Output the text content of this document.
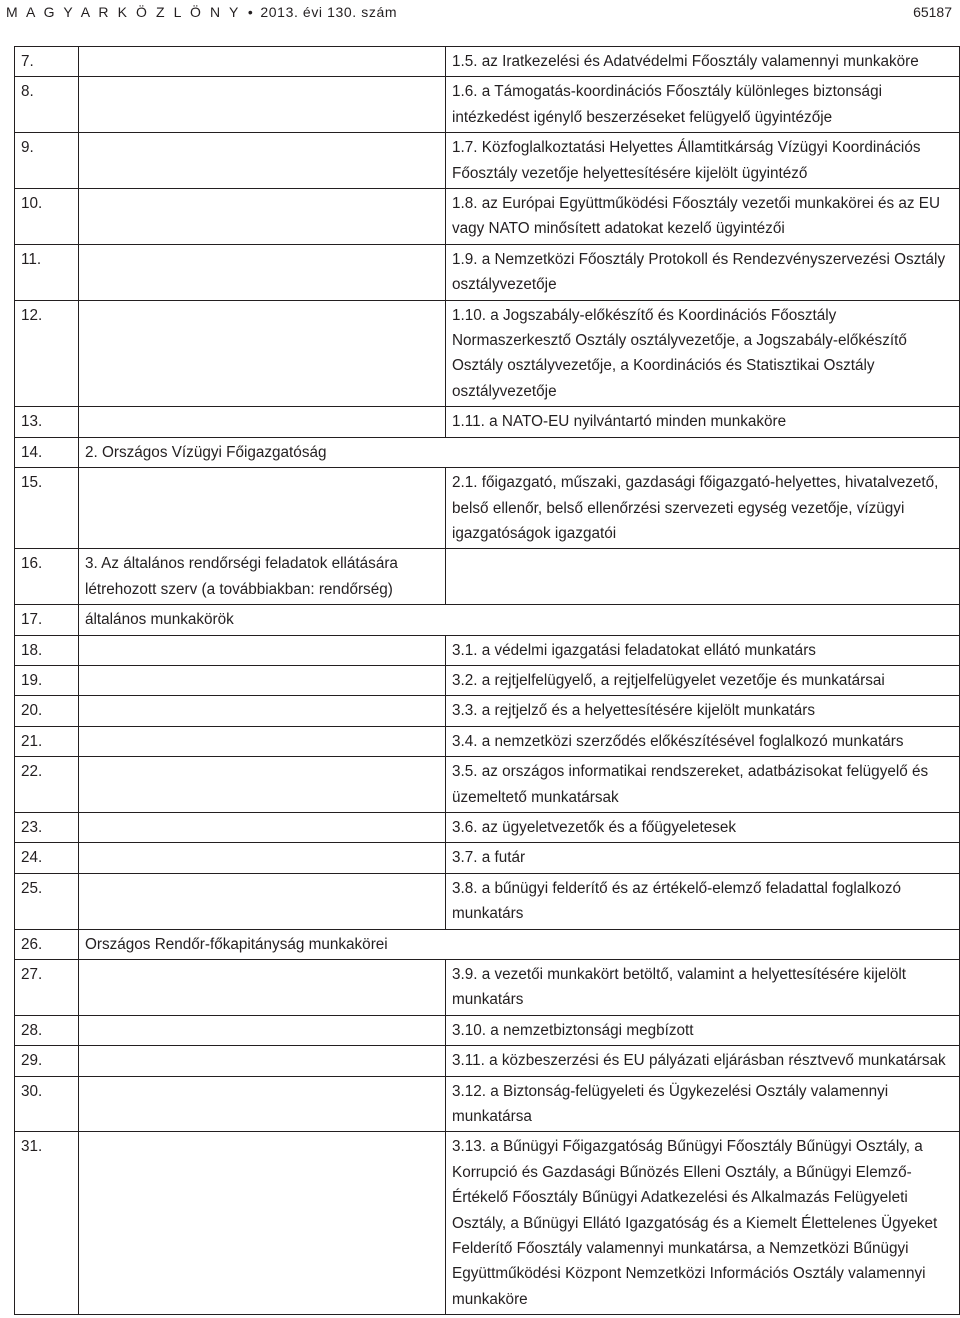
M A G Y A R K Ö Z L Ö N Y • 2013. évi 130. szám	65187
7.		1.5. az Iratkezelési és Adatvédelmi Főosztály valamennyi munkaköre
8.		1.6. a Támogatás-koordinációs Főosztály különleges biztonsági intézkedést igénylő beszerzéseket felügyelő ügyintézője
9.		1.7. Közfoglalkoztatási Helyettes Államtitkárság Vízügyi Koordinációs Főosztály vezetője helyettesítésére kijelölt ügyintéző
10.		1.8. az Európai Együttműködési Főosztály vezetői munkakörei és az EU vagy NATO minősített adatokat kezelő ügyintézői
11.		1.9. a Nemzetközi Főosztály Protokoll és Rendezvényszervezési Osztály osztályvezetője
12.		1.10. a Jogszabály-előkészítő és Koordinációs Főosztály Normaszerkesztő Osztály osztályvezetője, a Jogszabály-előkészítő Osztály osztályvezetője, a Koordinációs és Statisztikai Osztály osztályvezetője
13.		1.11. a NATO-EU nyilvántartó minden munkaköre
14.	2. Országos Vízügyi Főigazgatóság	
15.		2.1. főigazgató, műszaki, gazdasági főigazgató-helyettes, hivatalvezető, belső ellenőr, belső ellenőrzési szervezeti egység vezetője, vízügyi igazgatóságok igazgatói
16.	3. Az általános rendőrségi feladatok ellátására létrehozott szerv (a továbbiakban: rendőrség)	
17.	általános munkakörök	
18.		3.1. a védelmi igazgatási feladatokat ellátó munkatárs
19.		3.2. a rejtjelfelügyelő, a rejtjelfelügyelet vezetője és munkatársai
20.		3.3. a rejtjelző és a helyettesítésére kijelölt munkatárs
21.		3.4. a nemzetközi szerződés előkészítésével foglalkozó munkatárs
22.		3.5. az országos informatikai rendszereket, adatbázisokat felügyelő és üzemeltető munkatársak
23.		3.6. az ügyeletvezetők és a főügyeletesek
24.		3.7. a futár
25.		3.8. a bűnügyi felderítő és az értékelő-elemző feladattal foglalkozó munkatárs
26.	Országos Rendőr-főkapitányság munkakörei	
27.		3.9. a vezetői munkakört betöltő, valamint a helyettesítésére kijelölt munkatárs
28.		3.10. a nemzetbiztonsági megbízott
29.		3.11. a közbeszerzési és EU pályázati eljárásban résztvevő munkatársak
30.		3.12. a Biztonság-felügyeleti és Ügykezelési Osztály valamennyi munkatársa
31.		3.13. a Bűnügyi Főigazgatóság Bűnügyi Főosztály Bűnügyi Osztály, a Korrupció és Gazdasági Bűnözés Elleni Osztály, a Bűnügyi Elemző-Értékelő Főosztály Bűnügyi Adatkezelési és Alkalmazás Felügyeleti Osztály, a Bűnügyi Ellátó Igazgatóság és a Kiemelt Élettelenes Ügyeket Felderítő Főosztály valamennyi munkatársa, a Nemzetközi Bűnügyi Együttműködési Központ Nemzetközi Információs Osztály valamennyi munkaköre
